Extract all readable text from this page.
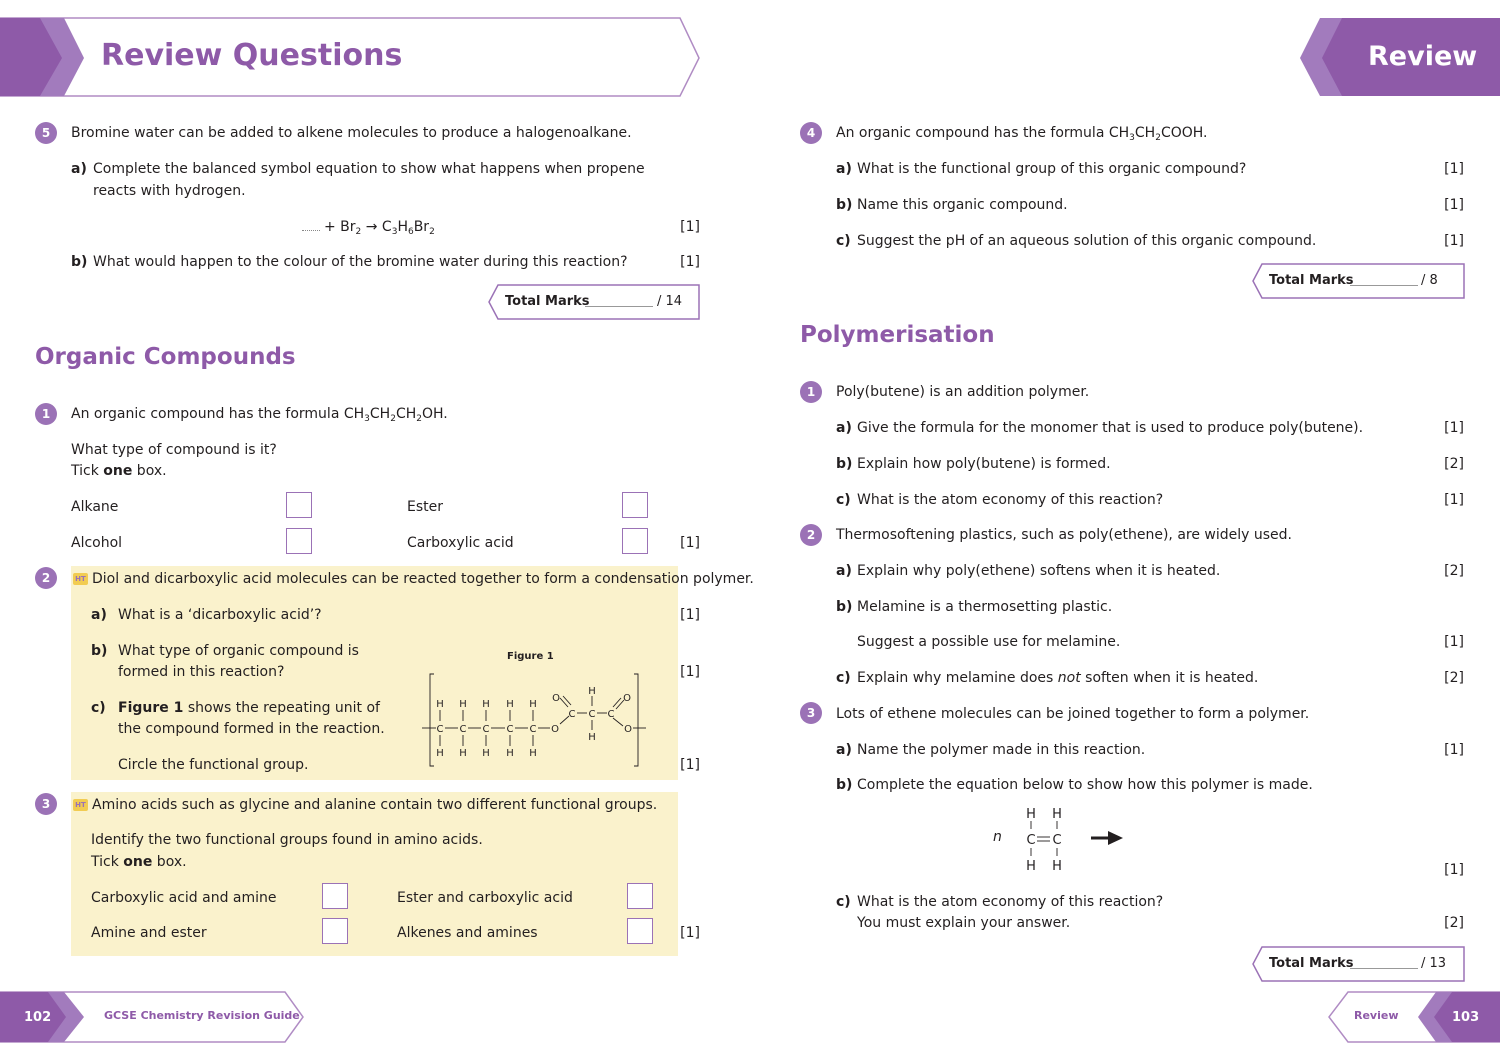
Review Questions	Review
5	Bromine water can be added to alkene molecules to produce a halogenoalkane.
a) Complete the balanced symbol equation to show what happens when propene
reacts with hydrogen.
+ $Br_2 \to C_3H_6Br_2$	[1]
b) What would happen to the colour of the bromine water during this reaction?	[1]
Total Marks	/ 14
Organic Compounds
1	An organic compound has the formula $CH_3CH_2CH_2OH$.
What type of compound is it?
Tick one box.
Alkane	Ester
Alcohol	Carboxylic acid	[1]
2	HT Diol and dicarboxylic acid molecules can be reacted together to form a condensation polymer.
a) What is a ‘dicarboxylic acid’?	[1]
b) What type of organic compound is
formed in this reaction?	[1]
c) Figure 1 shows the repeating unit of
the compound formed in the reaction.
Circle the functional group.	[1]
Figure 1
H H H H H
C C C C C
H H H H H
O
C
O
C
H
H
C
O
O
3	HT Amino acids such as glycine and alanine contain two different functional groups.
Identify the two functional groups found in amino acids.
Tick one box.
Carboxylic acid and amine	Ester and carboxylic acid
Amine and ester	Alkenes and amines	[1]
4	An organic compound has the formula $CH_3CH_2COOH$.
a) What is the functional group of this organic compound?	[1]
b) Name this organic compound.	[1]
c) Suggest the pH of an aqueous solution of this organic compound.	[1]
Total Marks	/ 8
Polymerisation
1	Poly(butene) is an addition polymer.
a) Give the formula for the monomer that is used to produce poly(butene).	[1]
b) Explain how poly(butene) is formed.	[2]
c) What is the atom economy of this reaction?	[1]
2	Thermosoftening plastics, such as poly(ethene), are widely used.
a) Explain why poly(ethene) softens when it is heated.	[2]
b) Melamine is a thermosetting plastic.
Suggest a possible use for melamine.	[1]
c) Explain why melamine does not soften when it is heated.	[2]
3	Lots of ethene molecules can be joined together to form a polymer.
a) Name the polymer made in this reaction.	[1]
b) Complete the equation below to show how this polymer is made.
n
H H
C C
H H	[1]
c) What is the atom economy of this reaction?
You must explain your answer.	[2]
Total Marks	/ 13
102	GCSE Chemistry Revision Guide	Review	103
